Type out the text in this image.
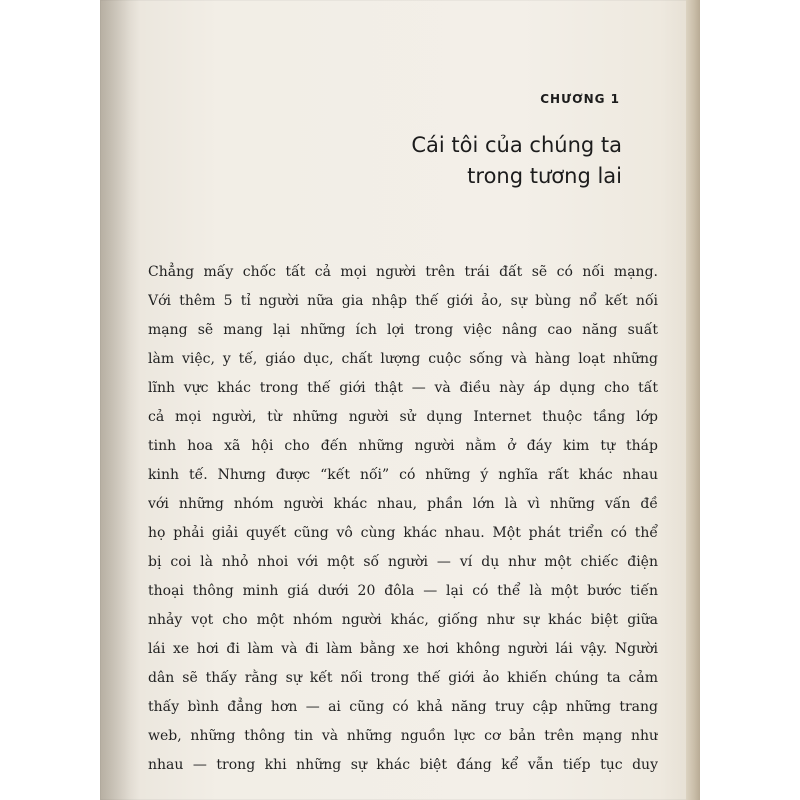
CHƯƠNG 1
Cái tôi của chúng ta
trong tương lai
Chẳng mấy chốc tất cả mọi người trên trái đất sẽ có nối mạng.
Với thêm 5 tỉ người nữa gia nhập thế giới ảo, sự bùng nổ kết nối
mạng sẽ mang lại những ích lợi trong việc nâng cao năng suất
làm việc, y tế, giáo dục, chất lượng cuộc sống và hàng loạt những
lĩnh vực khác trong thế giới thật — và điều này áp dụng cho tất
cả mọi người, từ những người sử dụng Internet thuộc tầng lớp
tinh hoa xã hội cho đến những người nằm ở đáy kim tự tháp
kinh tế. Nhưng được “kết nối” có những ý nghĩa rất khác nhau
với những nhóm người khác nhau, phần lớn là vì những vấn đề
họ phải giải quyết cũng vô cùng khác nhau. Một phát triển có thể
bị coi là nhỏ nhoi với một số người — ví dụ như một chiếc điện
thoại thông minh giá dưới 20 đôla — lại có thể là một bước tiến
nhảy vọt cho một nhóm người khác, giống như sự khác biệt giữa
lái xe hơi đi làm và đi làm bằng xe hơi không người lái vậy. Người
dân sẽ thấy rằng sự kết nối trong thế giới ảo khiến chúng ta cảm
thấy bình đẳng hơn — ai cũng có khả năng truy cập những trang
web, những thông tin và những nguồn lực cơ bản trên mạng như
nhau — trong khi những sự khác biệt đáng kể vẫn tiếp tục duy
